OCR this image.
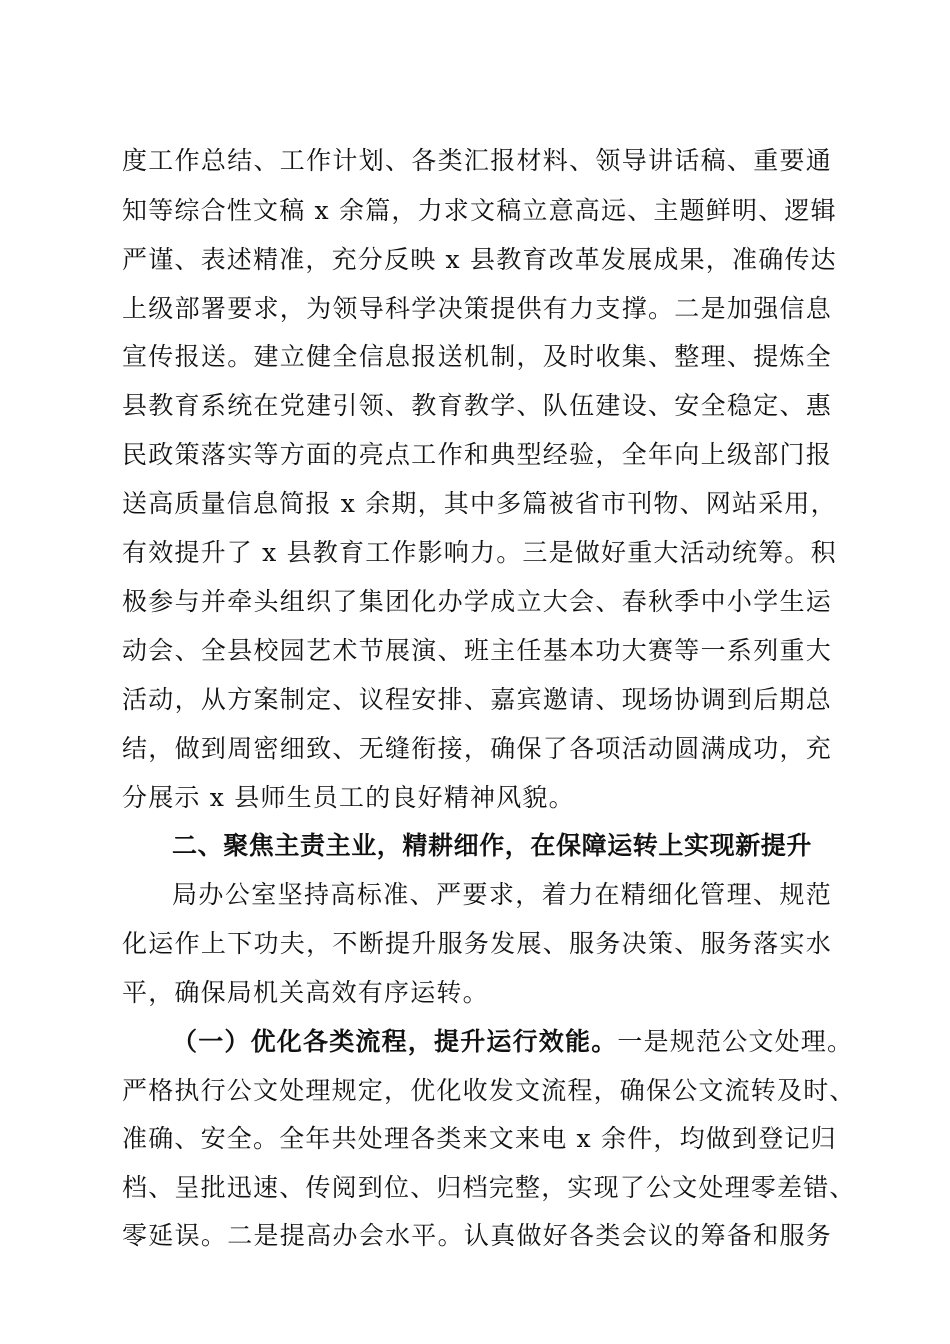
度工作总结、工作计划、各类汇报材料、领导讲话稿、重要通
知等综合性文稿 x 余篇，力求文稿立意高远、主题鲜明、逻辑
严谨、表述精准，充分反映 x 县教育改革发展成果，准确传达
上级部署要求，为领导科学决策提供有力支撑。二是加强信息
宣传报送。建立健全信息报送机制，及时收集、整理、提炼全
县教育系统在党建引领、教育教学、队伍建设、安全稳定、惠
民政策落实等方面的亮点工作和典型经验，全年向上级部门报
送高质量信息简报 x 余期，其中多篇被省市刊物、网站采用，
有效提升了 x 县教育工作影响力。三是做好重大活动统筹。积
极参与并牵头组织了集团化办学成立大会、春秋季中小学生运
动会、全县校园艺术节展演、班主任基本功大赛等一系列重大
活动，从方案制定、议程安排、嘉宾邀请、现场协调到后期总
结，做到周密细致、无缝衔接，确保了各项活动圆满成功，充
分展示 x 县师生员工的良好精神风貌。
二、聚焦主责主业，精耕细作，在保障运转上实现新提升
局办公室坚持高标准、严要求，着力在精细化管理、规范
化运作上下功夫，不断提升服务发展、服务决策、服务落实水
平，确保局机关高效有序运转。
（一）优化各类流程，提升运行效能。一是规范公文处理。
严格执行公文处理规定，优化收发文流程，确保公文流转及时、
准确、安全。全年共处理各类来文来电 x 余件，均做到登记归
档、呈批迅速、传阅到位、归档完整，实现了公文处理零差错、
零延误。二是提高办会水平。认真做好各类会议的筹备和服务
